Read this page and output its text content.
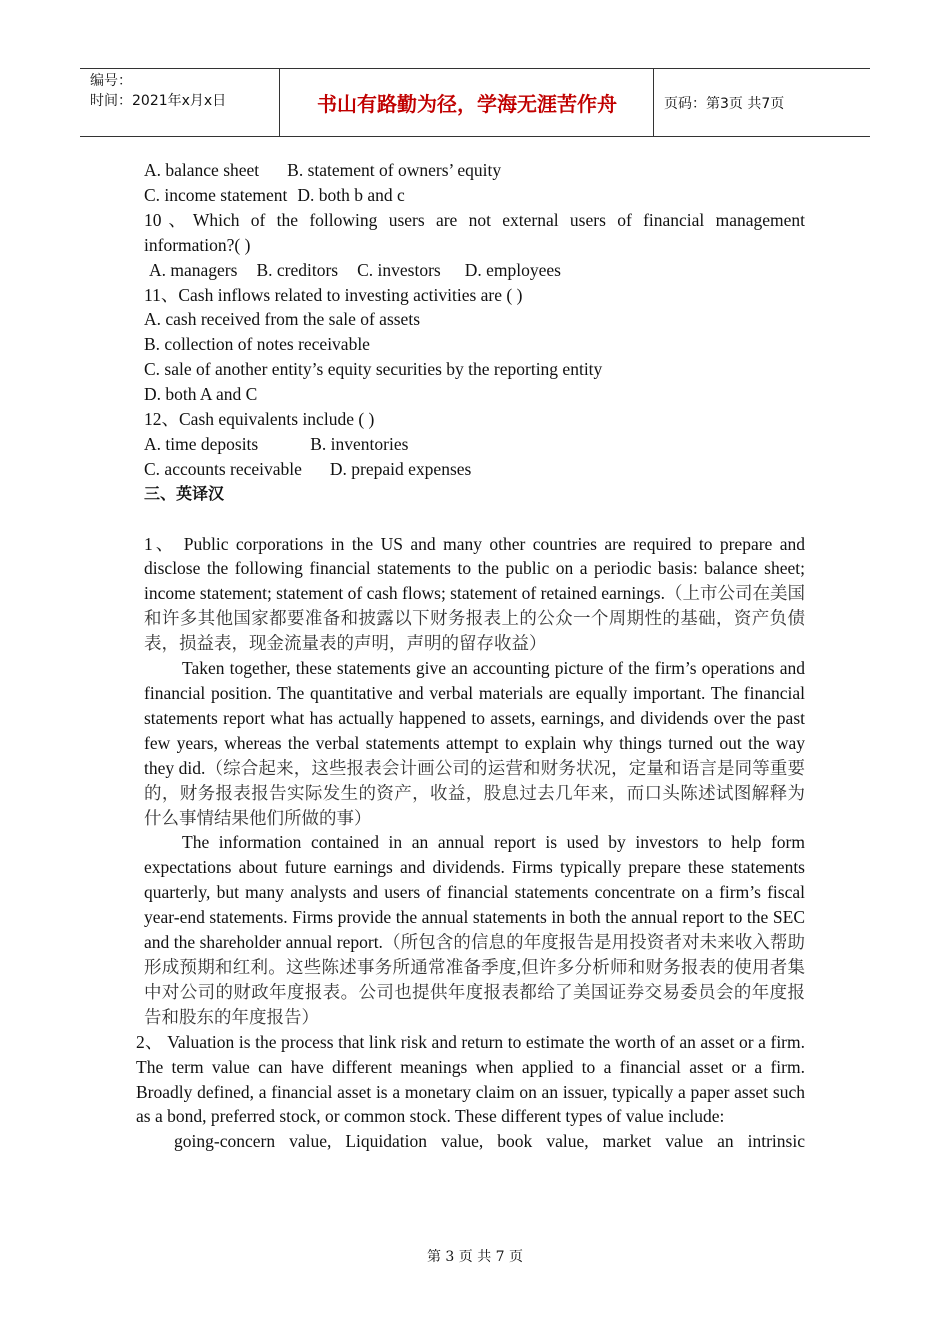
编号：
时间：2021年x月x日	书山有路勤为径，学海无涯苦作舟	页码：第3页 共7页

A. balance sheet B. statement of owners’ equity

C. income statement D. both b and c

10、Which of the following users are not external users of financial management

information?( )

A. managers B. creditors C. investors D. employees

11、Cash inflows related to investing activities are ( )

A. cash received from the sale of assets

B. collection of notes receivable

C. sale of another entity’s equity securities by the reporting entity

D. both A and C

12、Cash equivalents include ( )

A. time deposits	B. inventories

C. accounts receivable D. prepaid expenses

三、英译汉

1、 Public corporations in the US and many other countries are required to prepare and disclose the following financial statements to the public on a periodic basis: balance sheet; income statement; statement of cash flows; statement of retained earnings.（上市公司在美国和许多其他国家都要准备和披露以下财务报表上的公众一个周期性的基础，资产负债表，损益表，现金流量表的声明，声明的留存收益）

Taken together, these statements give an accounting picture of the firm’s operations and financial position. The quantitative and verbal materials are equally important. The financial statements report what has actually happened to assets, earnings, and dividends over the past few years, whereas the verbal statements attempt to explain why things turned out the way they did.（综合起来，这些报表会计画公司的运营和财务状况，定量和语言是同等重要的，财务报表报告实际发生的资产，收益，股息过去几年来，而口头陈述试图解释为什么事情结果他们所做的事）

The information contained in an annual report is used by investors to help form expectations about future earnings and dividends. Firms typically prepare these statements quarterly, but many analysts and users of financial statements concentrate on a firm’s fiscal year-end statements. Firms provide the annual statements in both the annual report to the SEC and the shareholder annual report.（所包含的信息的年度报告是用投资者对未来收入帮助形成预期和红利。这些陈述事务所通常准备季度,但许多分析师和财务报表的使用者集中对公司的财政年度报表。公司也提供年度报表都给了美国证券交易委员会的年度报告和股东的年度报告）

2、 Valuation is the process that link risk and return to estimate the worth of an asset or a firm. The term value can have different meanings when applied to a financial asset or a firm. Broadly defined, a financial asset is a monetary claim on an issuer, typically a paper asset such as a bond, preferred stock, or common stock. These different types of value include:

going-concern value, Liquidation value, book value, market value an intrinsic

第 3 页 共 7 页
